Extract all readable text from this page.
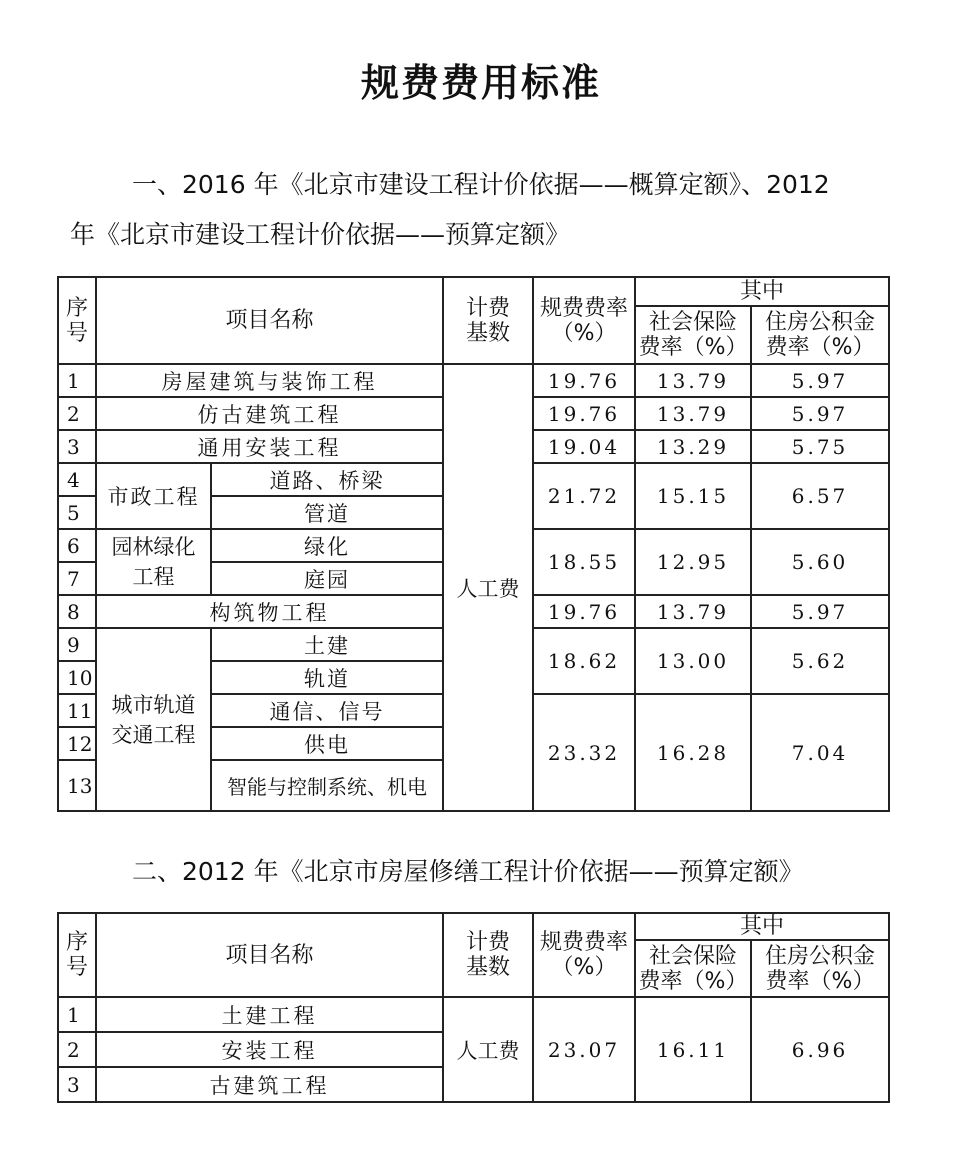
规费费用标准
一、2016 年《北京市建设工程计价依据——概算定额》、2012
年《北京市建设工程计价依据——预算定额》
序
号	项目名称		计费
基数	规费费率
（%）	其中	

					社会保险
费率（%）	住房公积金
费率（%）

1	房屋建筑与装饰工程		人工费	19.76	13.79	5.97
2	仿古建筑工程			19.76	13.79	5.97
3	通用安装工程			19.04	13.29	5.75
4	市政工程	道路、桥梁		21.72	15.15	6.57
5		管道				
6	园林绿化
工程	绿化		18.55	12.95	5.60
7		庭园				
8	构筑物工程			19.76	13.79	5.97
9	城市轨道
交通工程	土建		18.62	13.00	5.62
10		轨道				
11		通信、信号		23.32	16.28	7.04
12		供电				
13		智能与控制系统、机电				
二、2012 年《北京市房屋修缮工程计价依据——预算定额》
序
号	项目名称	计费
基数	规费费率
（%）	其中	

				社会保险
费率（%）	住房公积金
费率（%）

1	土建工程	人工费	23.07	16.11	6.96
2	安装工程				
3	古建筑工程				
